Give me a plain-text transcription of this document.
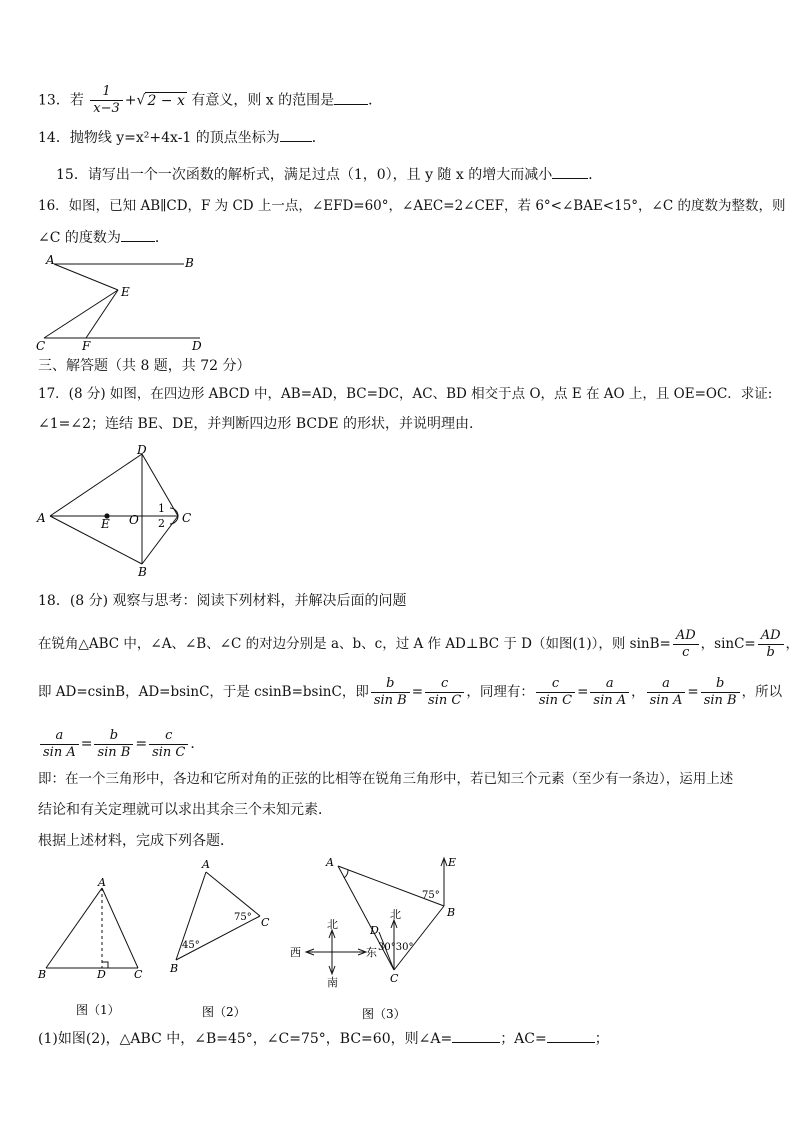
13．若 $\frac{1}{x-3}$ +√ 2 − x 有意义，则 x 的范围是 ．
14．抛物线 y=x²+4x-1 的顶点坐标为 ．
15．请写出一个一次函数的解析式，满足过点（1，0），且 y 随 x 的增大而减小	．
16．如图，已知 AB∥CD，F 为 CD 上一点，∠EFD=60°，∠AEC=2∠CEF，若 6°<∠BAE<15°，∠C 的度数为整数，则
∠C 的度数为 ．
A	B
E
C	F	D
三、解答题（共 8 题，共 72 分）
17．(8 分) 如图，在四边形 ABCD 中，AB=AD，BC=DC，AC、BD 相交于点 O，点 E 在 AO 上，且 OE=OC．求证:
∠1=∠2；连结 BE、DE，并判断四边形 BCDE 的形状，并说明理由.
D
A	E O
1
2 C
B
18．(8 分) 观察与思考：阅读下列材料，并解决后面的问题
在锐角△ABC 中，∠A、∠B、∠C 的对边分别是 a、b、c，过 A 作 AD⊥BC 于 D（如图(1)），则 $\sin B= \frac{AD}{c}$ ，$\sin C= \frac{AD}{b}$ ，
即 AD=csinB，AD=bsinC，于是 csinB=bsinC，即 $\frac{b}{\text{sin B}} = \frac{c}{\text{sin C}}$ ，同理有： $\frac{c}{\text{sin C}} = \frac{a}{\text{sin A}}$ ， $\frac{a}{\text{sin A}} = \frac{b}{\text{sin B}}$ ，所以
$\frac{a}{\text{sin A}} = \frac{b}{\text{sin B}} = \frac{c}{\text{sin C}}$ ．
即：在一个三角形中，各边和它所对角的正弦的比相等在锐角三角形中，若已知三个元素（至少有一条边），运用上述
结论和有关定理就可以求出其余三个未知元素．
根据上述材料，完成下列各题．
A
B	D	C
图（1）
A
B
C
45°
75°
图（2）
A	E
75°
B
北
D
30°30°
C
北
南
西	东
图（3）
(1)如图(2)，△ABC 中，∠B=45°，∠C=75°，BC=60，则∠A=	；AC=	；
